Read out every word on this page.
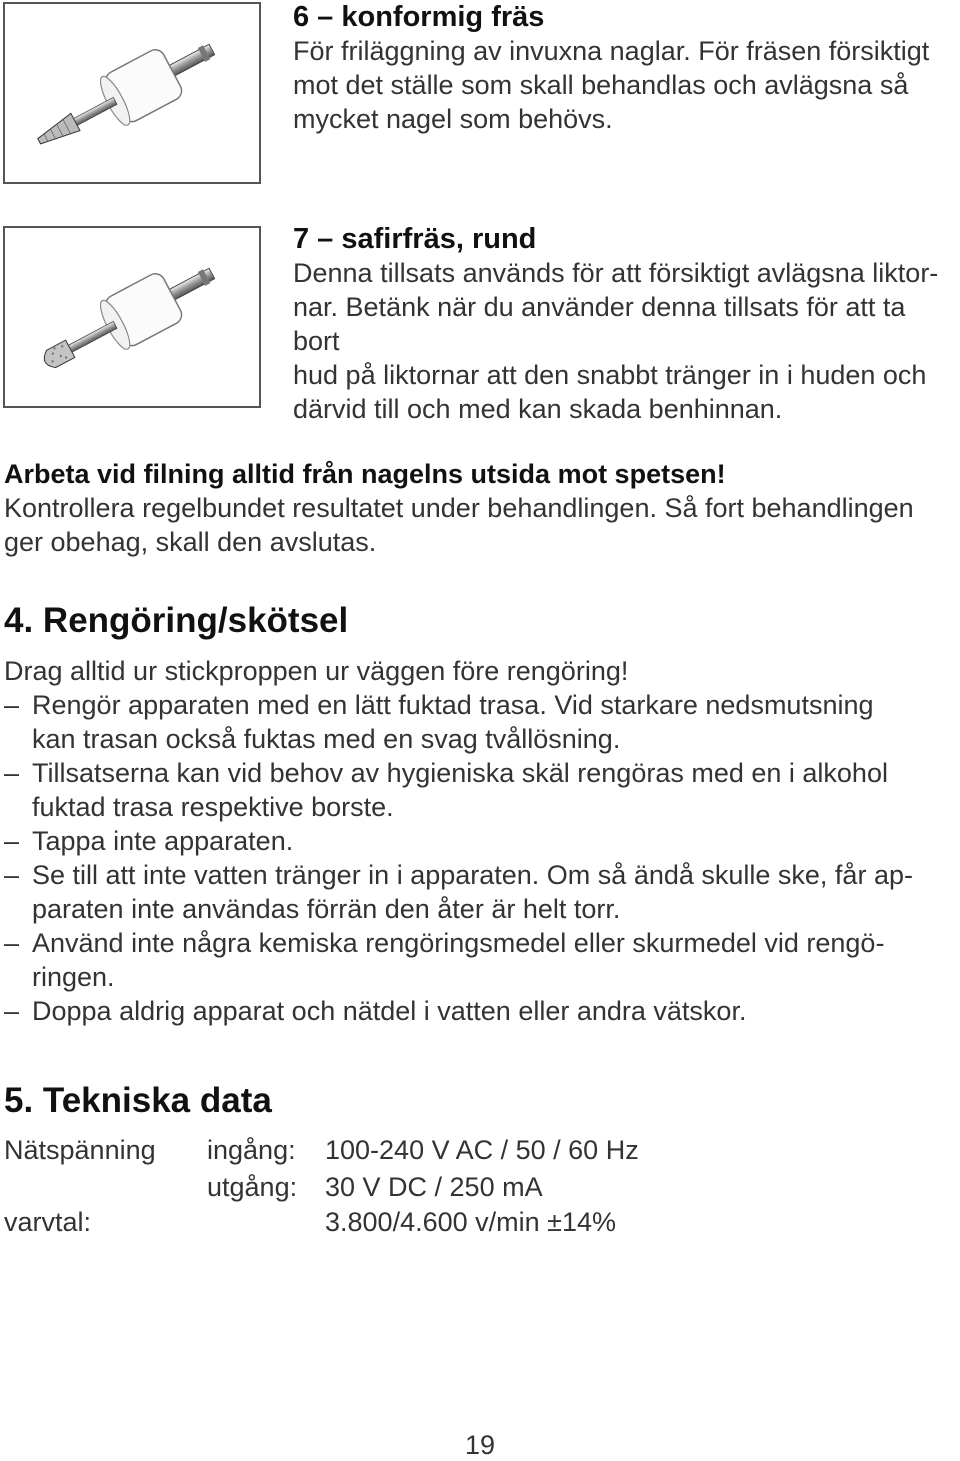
6 – konformig fräs
För friläggning av invuxna naglar. För fräsen försiktigt
mot det ställe som skall behandlas och avlägsna så
mycket nagel som behövs.
7 – safirfräs, rund
Denna tillsats används för att försiktigt avlägsna liktor-
nar. Betänk när du använder denna tillsats för att ta bort
hud på liktornar att den snabbt tränger in i huden och
därvid till och med kan skada benhinnan.
Arbeta vid filning alltid från nagelns utsida mot spetsen!
Kontrollera regelbundet resultatet under behandlingen. Så fort behandlingen
ger obehag, skall den avslutas.
4. Rengöring/skötsel
Drag alltid ur stickproppen ur väggen före rengöring!
– Rengör apparaten med en lätt fuktad trasa. Vid starkare nedsmutsning
kan trasan också fuktas med en svag tvållösning.
– Tillsatserna kan vid behov av hygieniska skäl rengöras med en i alkohol
fuktad trasa respektive borste.
– Tappa inte apparaten.
– Se till att inte vatten tränger in i apparaten. Om så ändå skulle ske, får ap-
paraten inte användas förrän den åter är helt torr.
– Använd inte några kemiska rengöringsmedel eller skurmedel vid rengö-
ringen.
– Doppa aldrig apparat och nätdel i vatten eller andra vätskor.
5. Tekniska data
Nätspänning ingång: 100-240 V AC / 50 / 60 Hz
utgång: 30 V DC / 250 mA
varvtal:	3.800/4.600 v/min ±14%
19
